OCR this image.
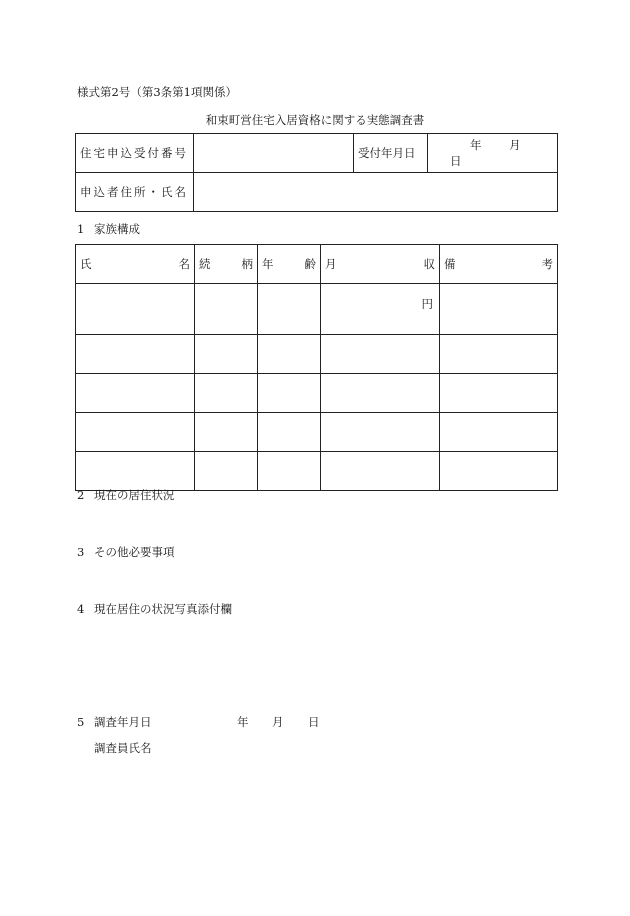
様式第2号（第3条第1項関係）
和束町営住宅入居資格に関する実態調査書
住宅申込受付番号		受付年月日	年 月 日
申込者住所・氏名			
1 家族構成
氏 名	続 柄	年 齢	月 収	備 考

			円	

2 現在の居住状況
3 その他必要事項
4 現在居住の状況写真添付欄
5 調査年月日	年 月 日
調査員氏名
